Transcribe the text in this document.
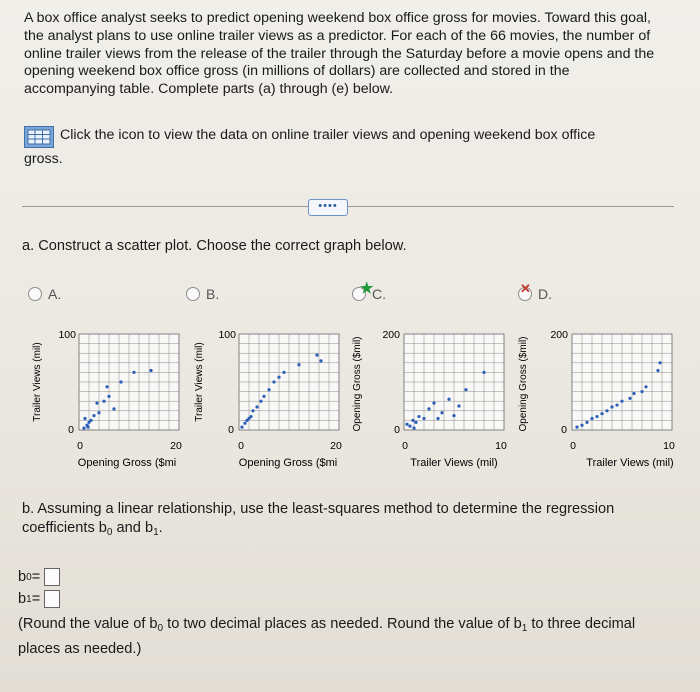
A box office analyst seeks to predict opening weekend box office gross for movies. Toward this goal, the analyst plans to use online trailer views as a predictor. For each of the 66 movies, the number of online trailer views from the release of the trailer through the Saturday before a movie opens and the opening weekend box office gross (in millions of dollars) are collected and stored in the accompanying table. Complete parts (a) through (e) below.
Click the icon to view the data on online trailer views and opening weekend box office
gross.
••••
a. Construct a scatter plot. Choose the correct graph below.
A.	B.	C.
★	D.
✕
Trailer Views (mil)
100
0
0	20
Opening Gross ($mi
Trailer Views (mil)
100
0
0	20
Opening Gross ($mi
Opening Gross ($mil)
200
0
0	10
Trailer Views (mil)
Opening Gross ($mil)
200
0
0	10
Trailer Views (mil)
b. Assuming a linear relationship, use the least-squares method to determine the regression coefficients $b_0$ and $b_1$.
b 0 =
b 1 =
(Round the value of $b_0$ to two decimal places as needed. Round the value of $b_1$ to three decimal places as needed.)
